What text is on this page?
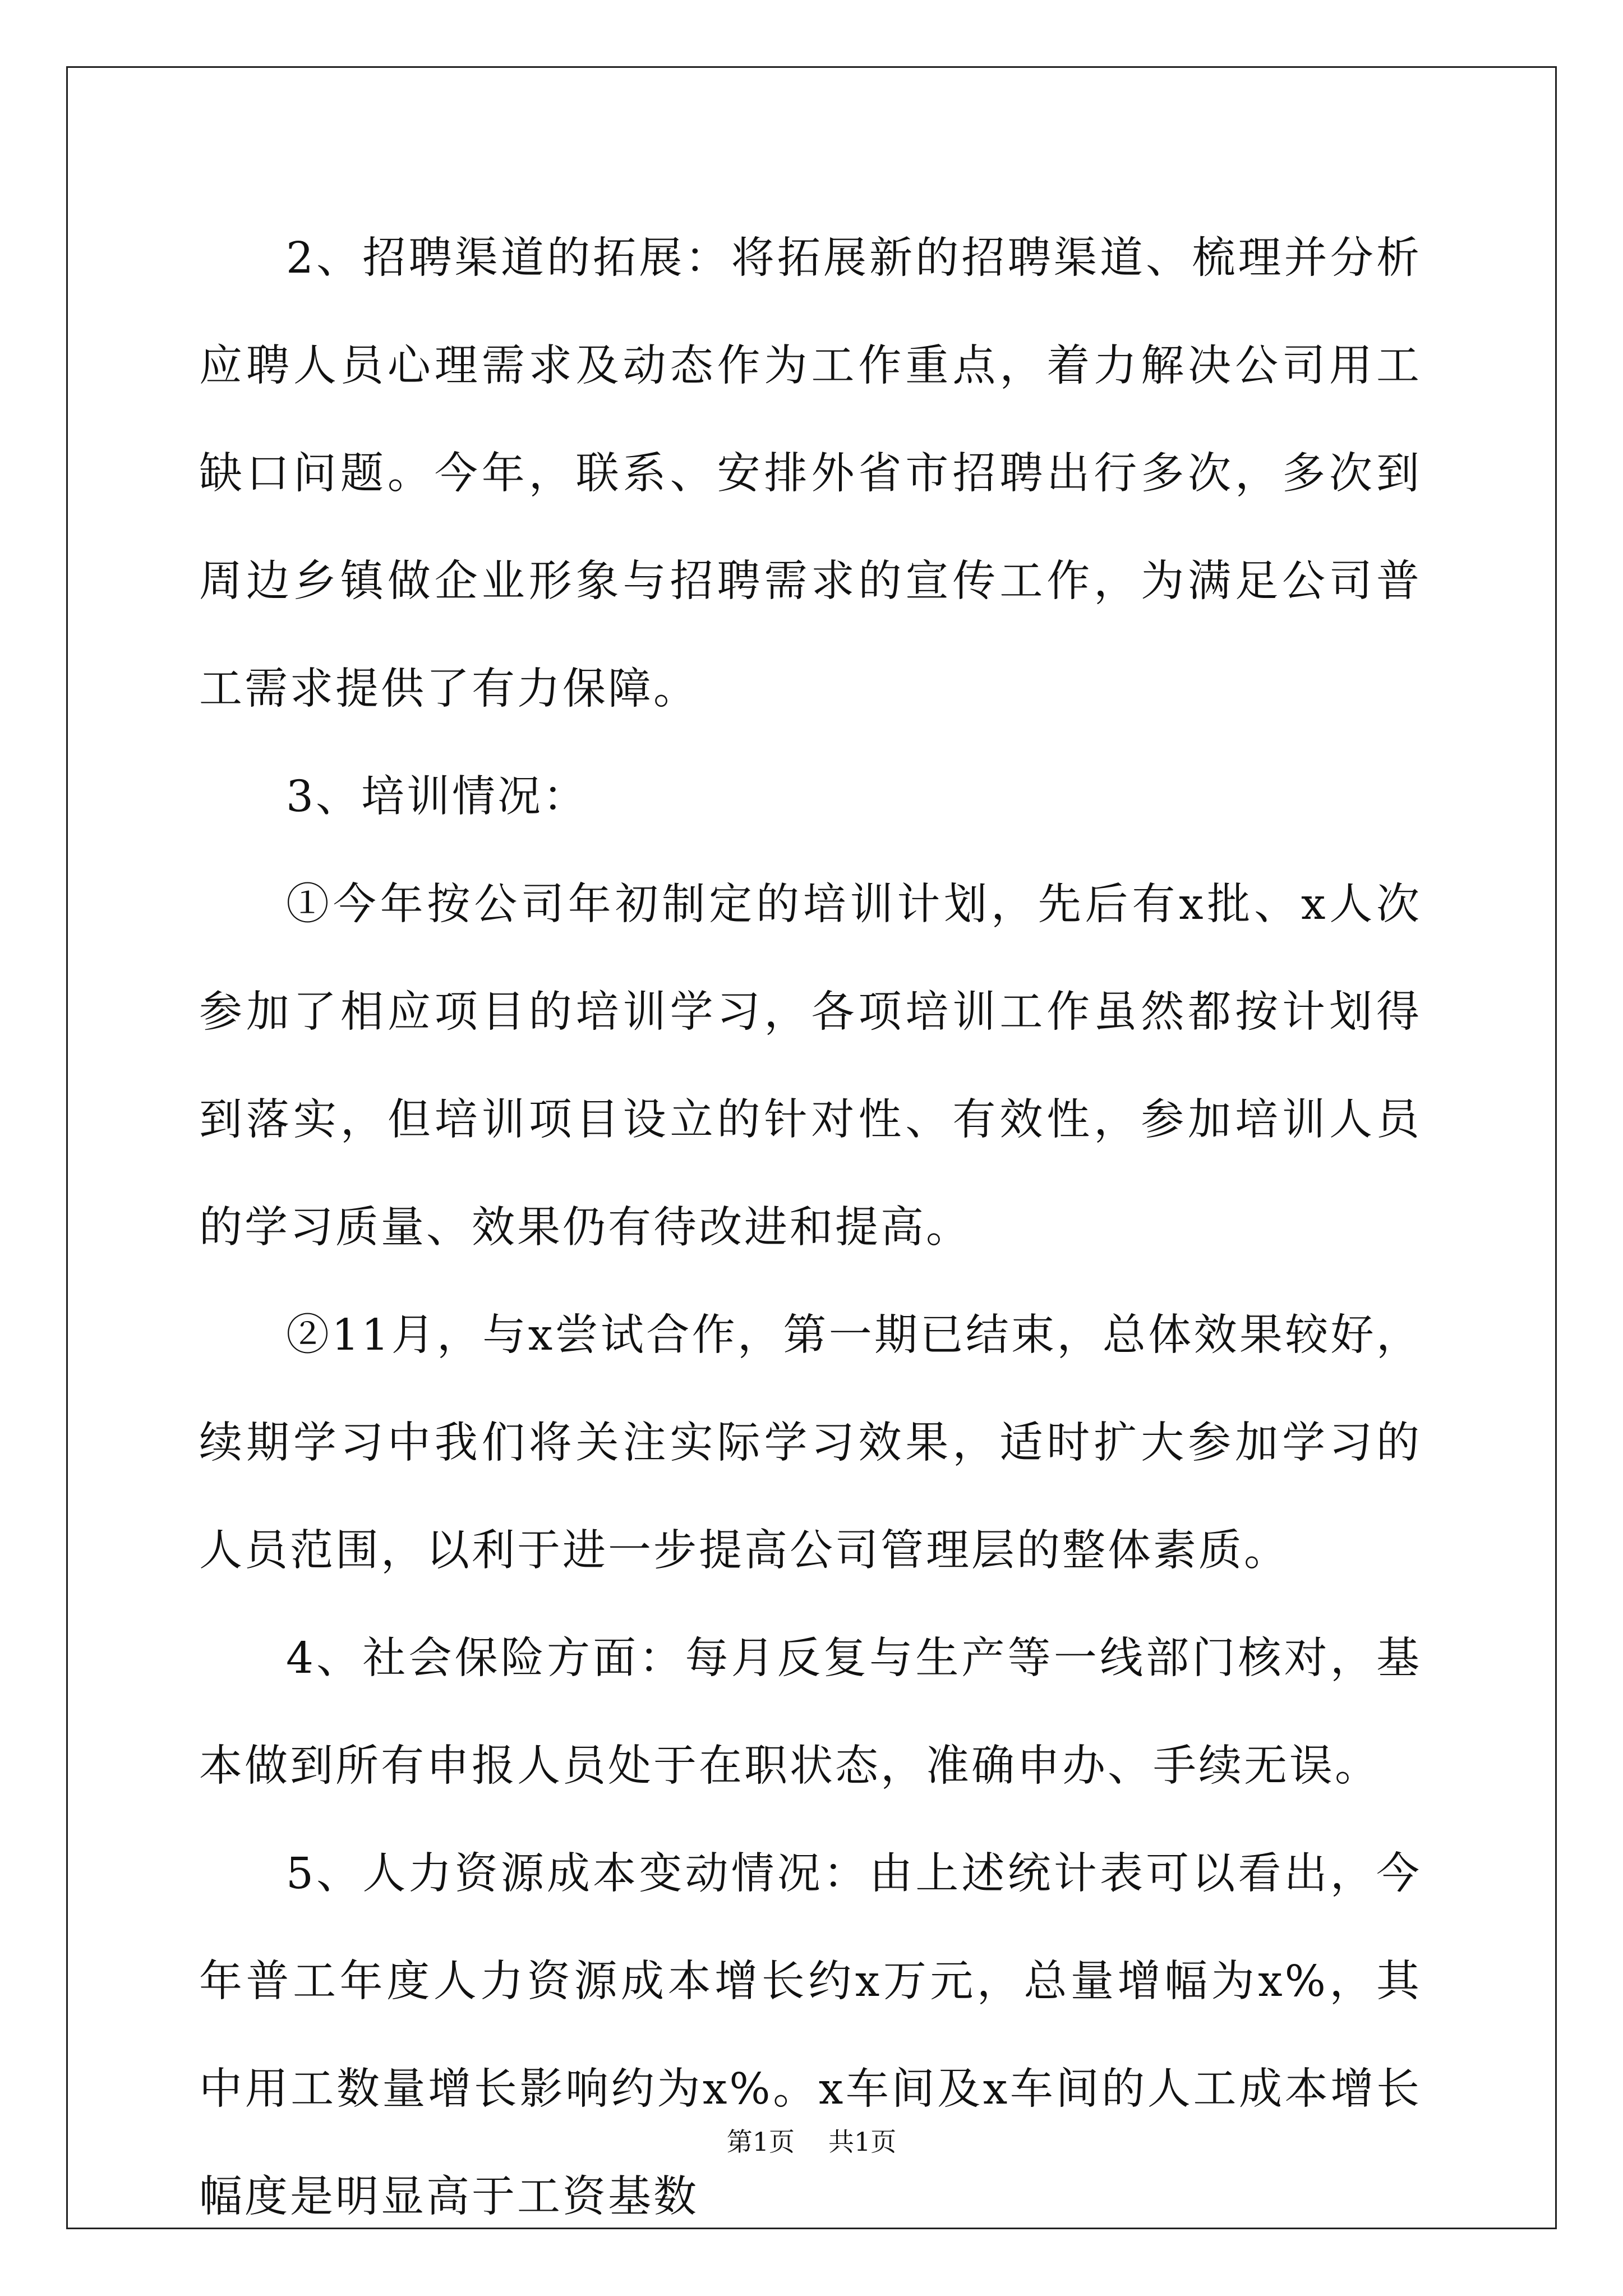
2、招聘渠道的拓展：将拓展新的招聘渠道、梳理并分析应聘人员心理需求及动态作为工作重点，着力解决公司用工缺口问题。今年，联系、安排外省市招聘出行多次，多次到周边乡镇做企业形象与招聘需求的宣传工作，为满足公司普工需求提供了有力保障。

3、培训情况：

①今年按公司年初制定的培训计划，先后有x批、x人次参加了相应项目的培训学习，各项培训工作虽然都按计划得到落实，但培训项目设立的针对性、有效性，参加培训人员的学习质量、效果仍有待改进和提高。

②11月，与x尝试合作，第一期已结束，总体效果较好，续期学习中我们将关注实际学习效果，适时扩大参加学习的人员范围，以利于进一步提高公司管理层的整体素质。

4、社会保险方面：每月反复与生产等一线部门核对，基本做到所有申报人员处于在职状态，准确申办、手续无误。

5、人力资源成本变动情况：由上述统计表可以看出，今年普工年度人力资源成本增长约x万元，总量增幅为x%，其中用工数量增长影响约为x%。x车间及x车间的人工成本增长幅度是明显高于工资基数

第1页 共1页
